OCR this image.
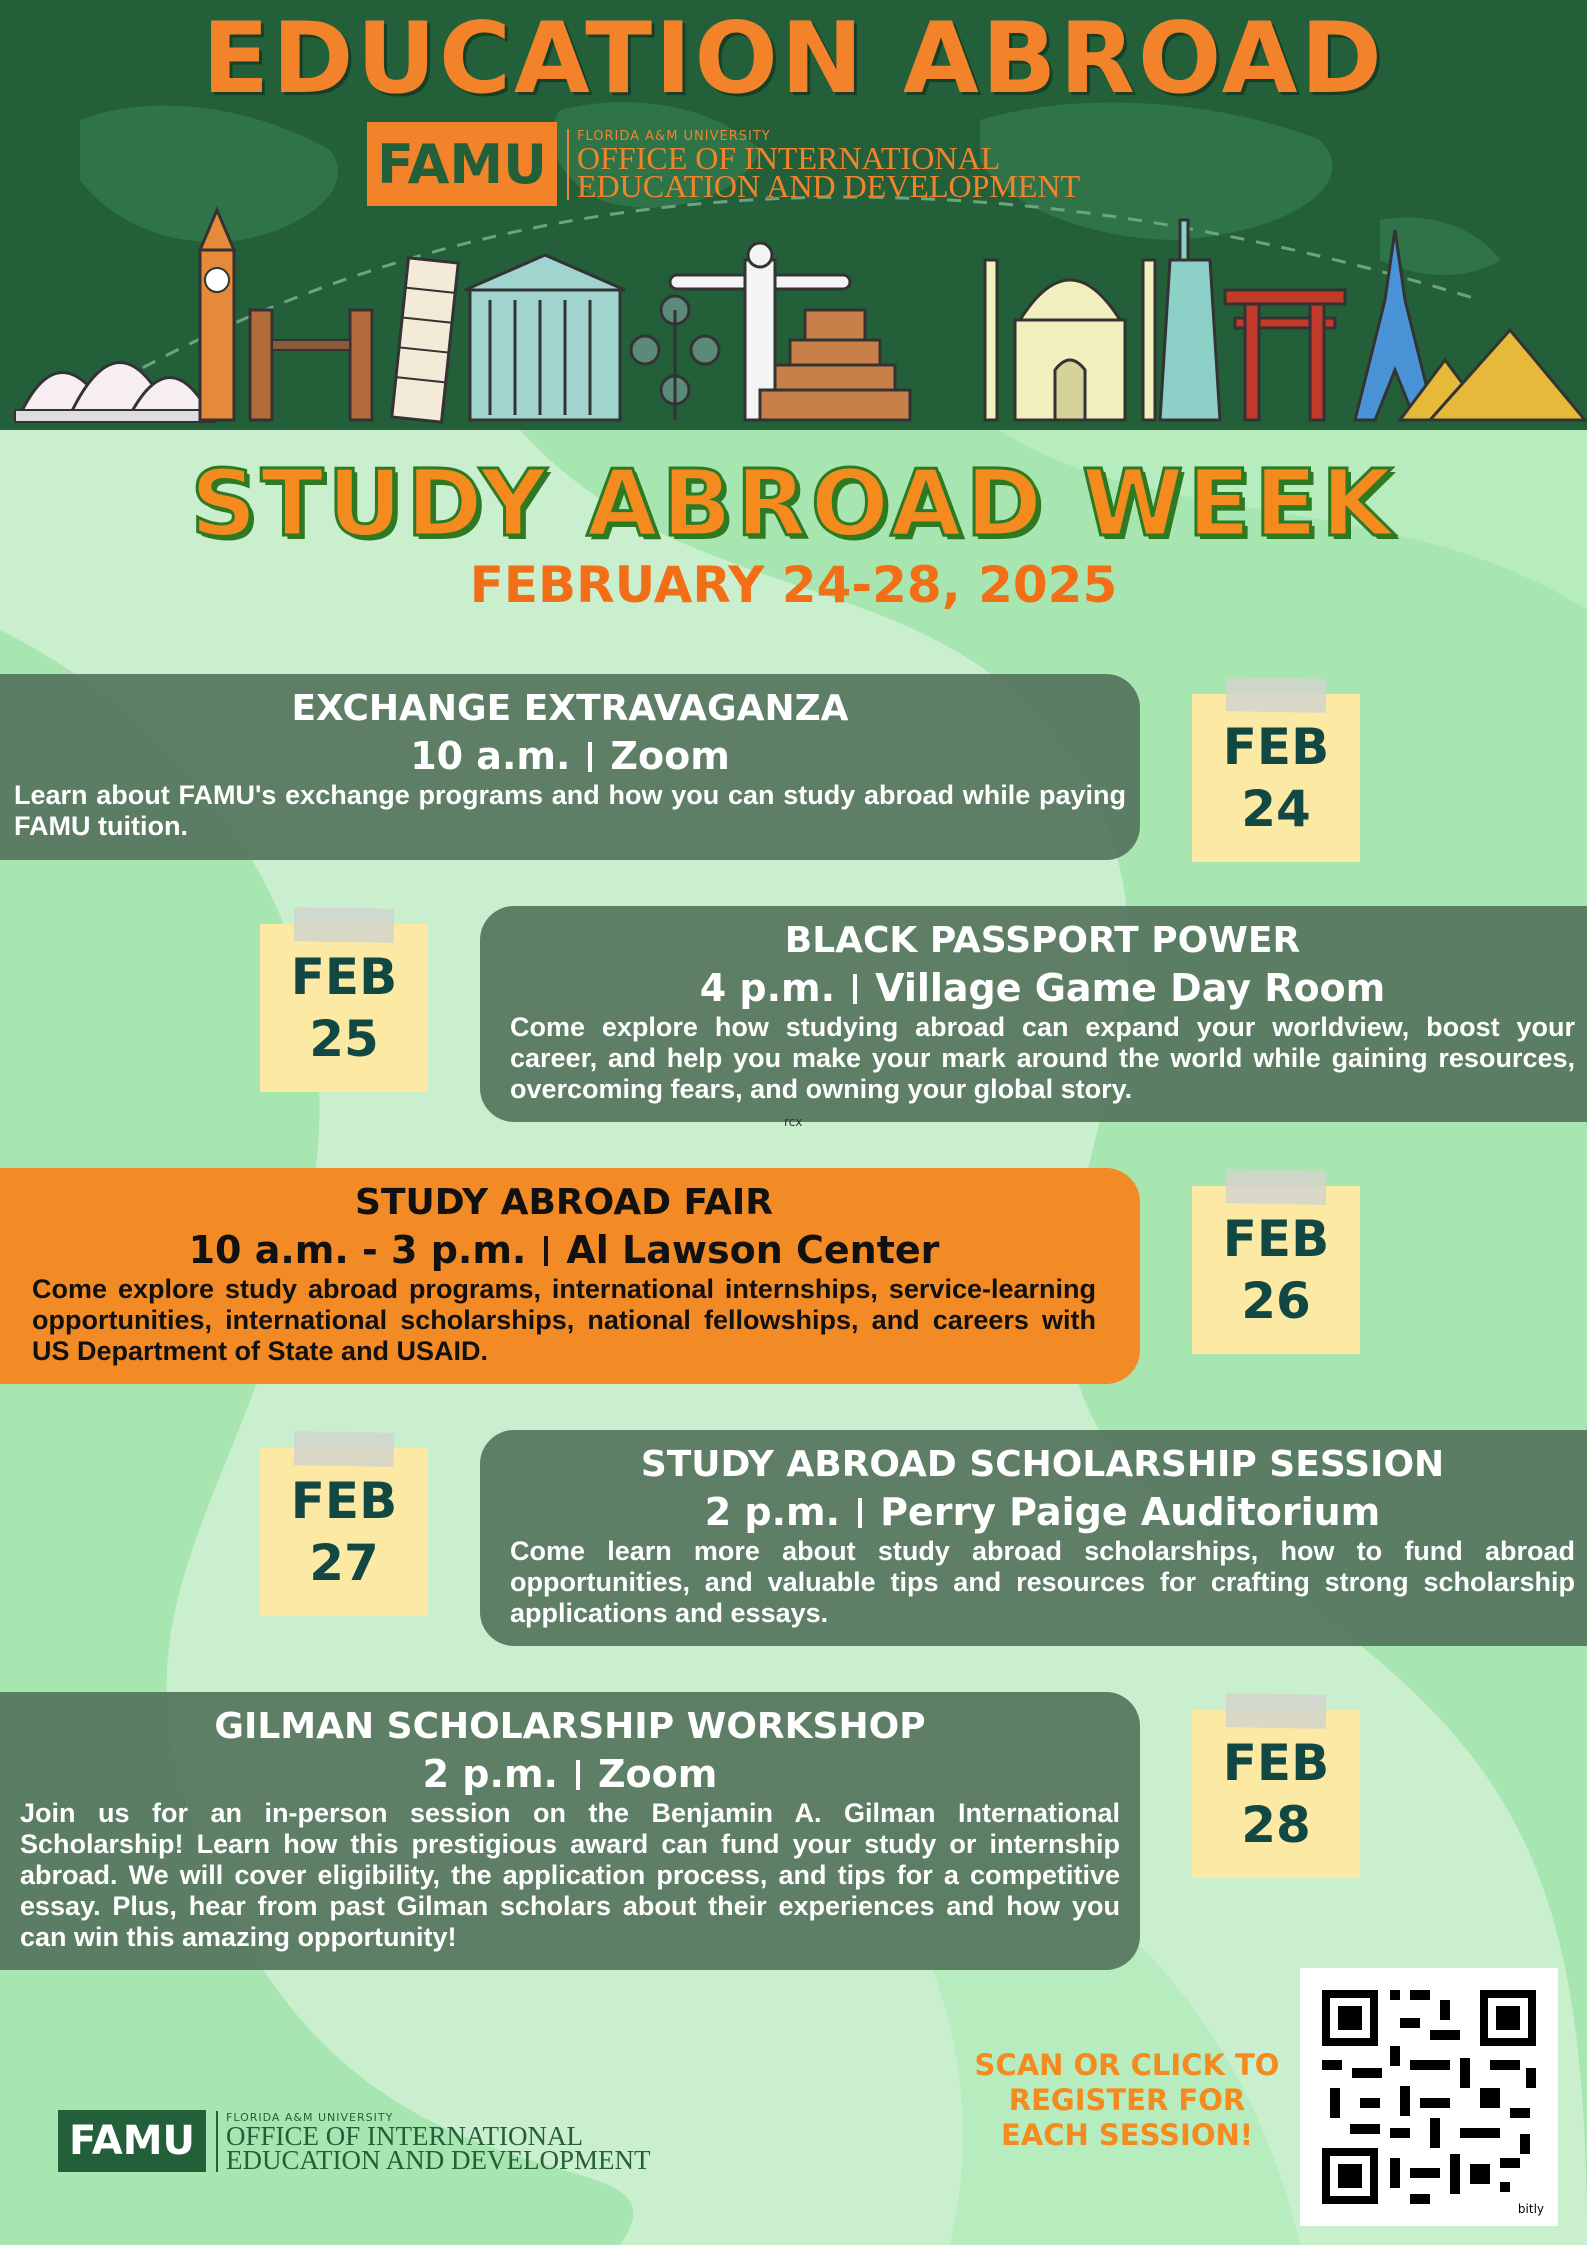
EDUCATION ABROAD
FAMU	FLORIDA A&M UNIVERSITY
OFFICE OF INTERNATIONAL
EDUCATION AND DEVELOPMENT
STUDY ABROAD WEEK
FEBRUARY 24-28, 2025
EXCHANGE EXTRAVAGANZA
10 a.m. Zoom
Learn about FAMU's exchange programs and how you can study abroad while paying FAMU tuition.
FEB
24
FEB
25
BLACK PASSPORT POWER
4 p.m. Village Game Day Room
Come explore how studying abroad can expand your worldview, boost your career, and help you make your mark around the world while gaining resources, overcoming fears, and owning your global story.
rcx
STUDY ABROAD FAIR
10 a.m. - 3 p.m. Al Lawson Center
Come explore study abroad programs, international internships, service-learning opportunities, international scholarships, national fellowships, and careers with US Department of State and USAID.
FEB
26
FEB
27
STUDY ABROAD SCHOLARSHIP SESSION
2 p.m. Perry Paige Auditorium
Come learn more about study abroad scholarships, how to fund abroad opportunities, and valuable tips and resources for crafting strong scholarship applications and essays.
GILMAN SCHOLARSHIP WORKSHOP
2 p.m. Zoom
Join us for an in-person session on the Benjamin A. Gilman International Scholarship! Learn how this prestigious award can fund your study or internship abroad. We will cover eligibility, the application process, and tips for a competitive essay. Plus, hear from past Gilman scholars about their experiences and how you can win this amazing opportunity!
FEB
28
FAMU
FLORIDA A&M UNIVERSITY
OFFICE OF INTERNATIONAL
EDUCATION AND DEVELOPMENT
SCAN OR CLICK TO REGISTER FOR EACH SESSION!
bitly
